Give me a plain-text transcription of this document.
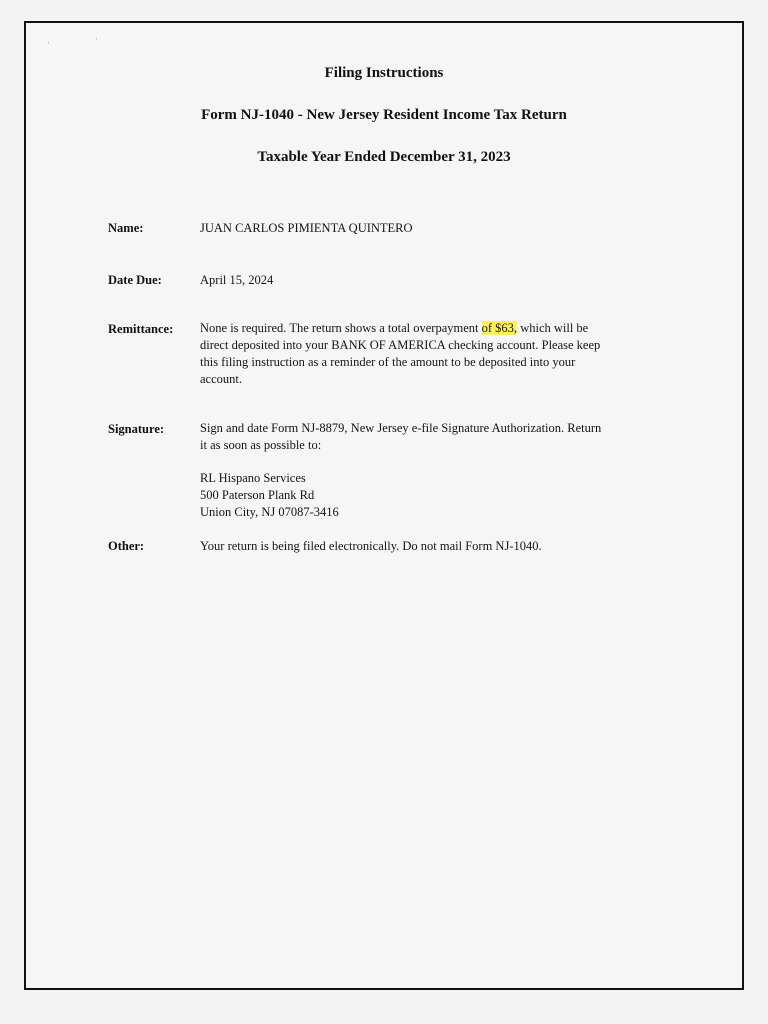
'
'
Filing Instructions
Form NJ-1040 - New Jersey Resident Income Tax Return
Taxable Year Ended December 31, 2023
Name:	JUAN CARLOS PIMIENTA QUINTERO
Date Due:	April 15, 2024
Remittance: None is required. The return shows a total overpayment of $63, which will be
direct deposited into your BANK OF AMERICA checking account. Please keep
this filing instruction as a reminder of the amount to be deposited into your
account.
Signature:	Sign and date Form NJ-8879, New Jersey e-file Signature Authorization. Return
it as soon as possible to:
RL Hispano Services
500 Paterson Plank Rd
Union City, NJ 07087-3416
Other:	Your return is being filed electronically. Do not mail Form NJ-1040.
